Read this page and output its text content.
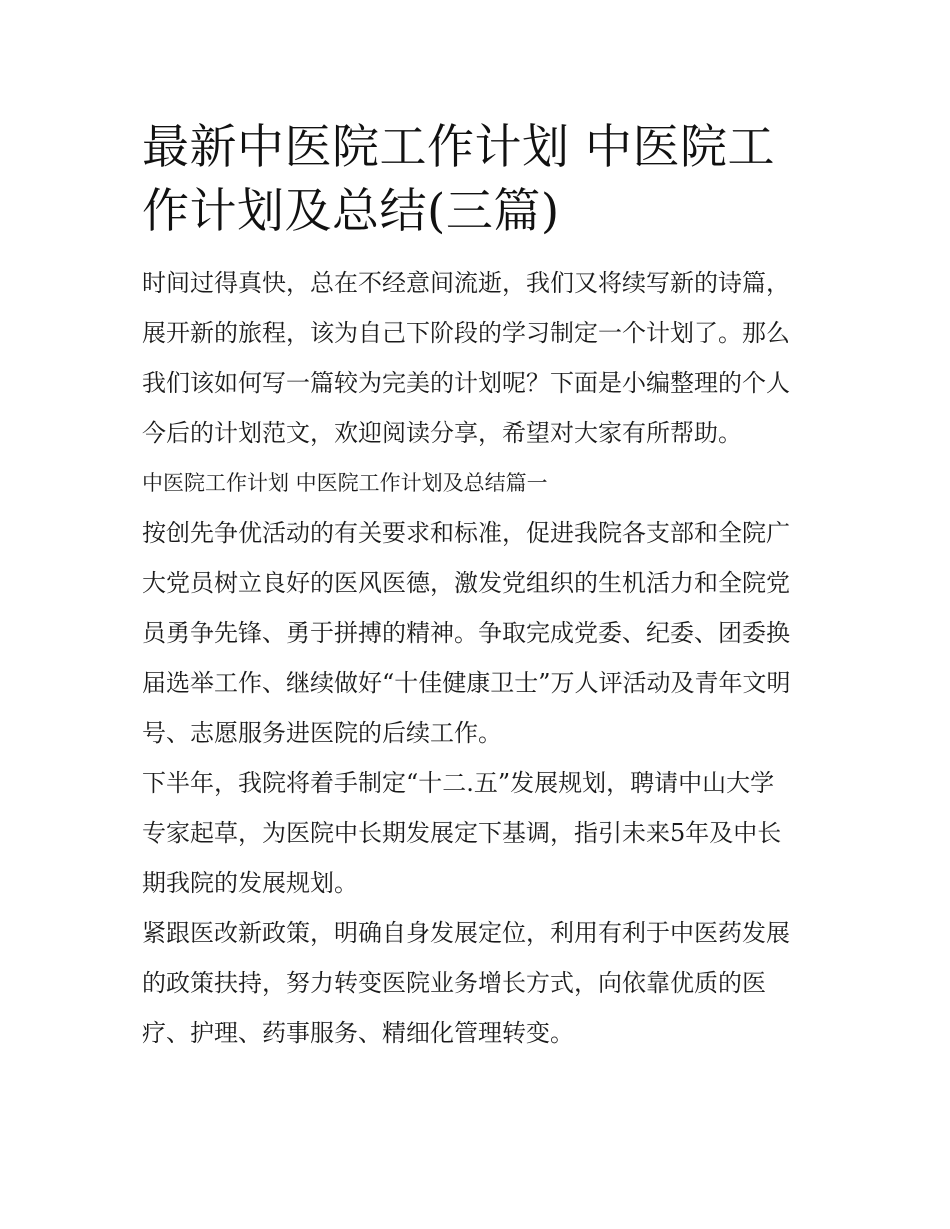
最新中医院工作计划 中医院工
作计划及总结(三篇)
时间过得真快，总在不经意间流逝，我们又将续写新的诗篇，
展开新的旅程，该为自己下阶段的学习制定一个计划了。那么
我们该如何写一篇较为完美的计划呢？下面是小编整理的个人
今后的计划范文，欢迎阅读分享，希望对大家有所帮助。
中医院工作计划 中医院工作计划及总结篇一
按创先争优活动的有关要求和标准，促进我院各支部和全院广
大党员树立良好的医风医德，激发党组织的生机活力和全院党
员勇争先锋、勇于拼搏的精神。争取完成党委、纪委、团委换
届选举工作、继续做好“十佳健康卫士”万人评活动及青年文明
号、志愿服务进医院的后续工作。
下半年，我院将着手制定“十二.五”发展规划，聘请中山大学
专家起草，为医院中长期发展定下基调，指引未来5年及中长
期我院的发展规划。
紧跟医改新政策，明确自身发展定位，利用有利于中医药发展
的政策扶持，努力转变医院业务增长方式，向依靠优质的医
疗、护理、药事服务、精细化管理转变。
